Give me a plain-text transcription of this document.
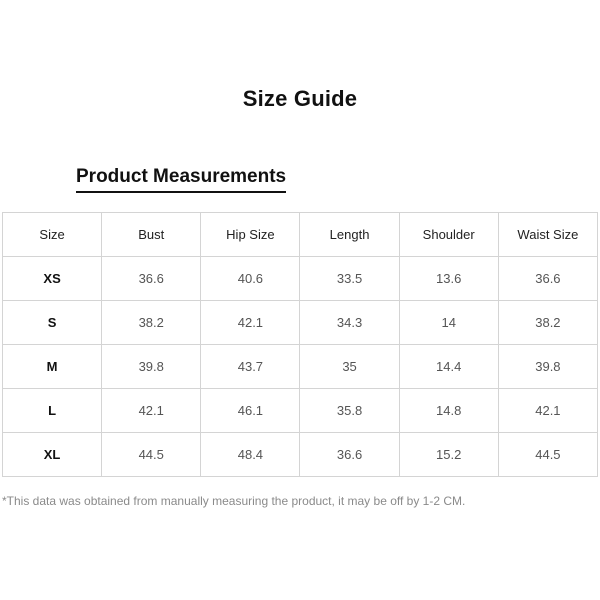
Size Guide
Product Measurements
Size	Bust	Hip Size	Length	Shoulder	Waist Size
XS	36.6	40.6	33.5	13.6	36.6
S	38.2	42.1	34.3	14	38.2
M	39.8	43.7	35	14.4	39.8
L	42.1	46.1	35.8	14.8	42.1
XL	44.5	48.4	36.6	15.2	44.5
*This data was obtained from manually measuring the product, it may be off by 1-2 CM.
